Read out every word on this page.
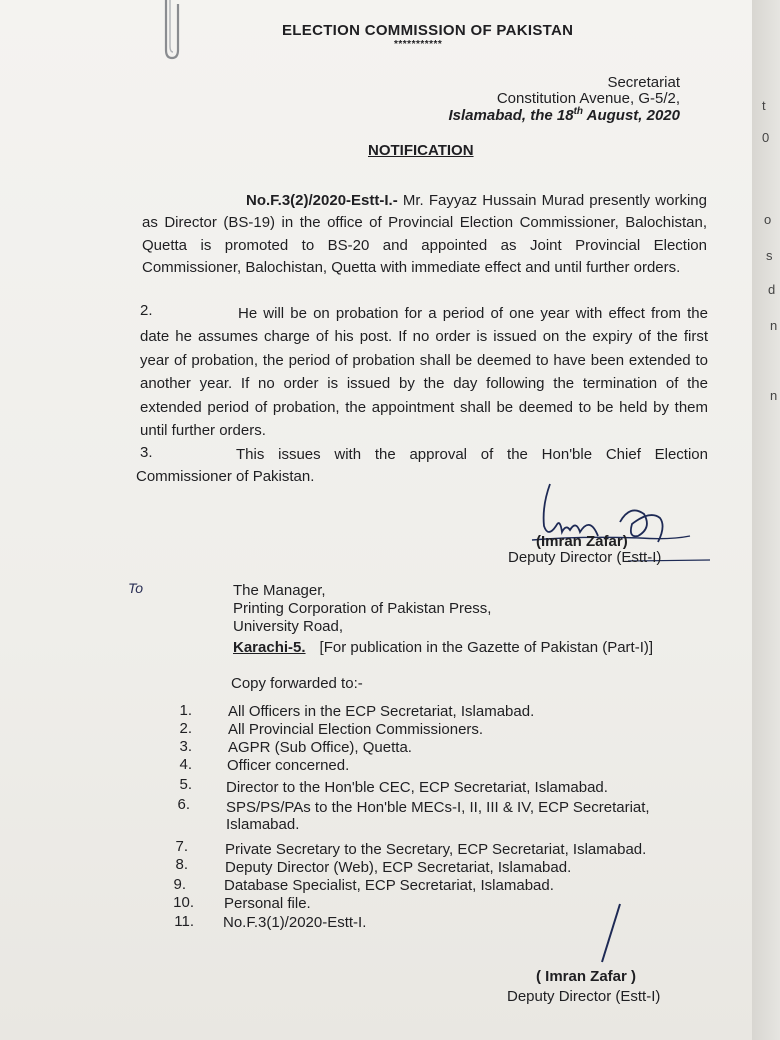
ELECTION COMMISSION OF PAKISTAN
***********
Secretariat
Constitution Avenue, G-5/2,
Islamabad, the 18th August, 2020
NOTIFICATION
No.F.3(2)/2020-Estt-I.- Mr. Fayyaz Hussain Murad presently working as Director (BS-19) in the office of Provincial Election Commissioner, Balochistan, Quetta is promoted to BS-20 and appointed as Joint Provincial Election Commissioner, Balochistan, Quetta with immediate effect and until further orders.
2.	He will be on probation for a period of one year with effect from the date he assumes charge of his post. If no order is issued on the expiry of the first year of probation, the period of probation shall be deemed to have been extended to another year. If no order is issued by the day following the termination of the extended period of probation, the appointment shall be deemed to be held by them until further orders.
3.	This issues with the approval of the Hon'ble Chief Election Commissioner of Pakistan.
(Imran Zafar)
Deputy Director (Estt-I)
To	The Manager,
Printing Corporation of Pakistan Press,
University Road,
Karachi-5. [For publication in the Gazette of Pakistan (Part-I)]
Copy forwarded to:-
1. All Officers in the ECP Secretariat, Islamabad.
2. All Provincial Election Commissioners.
3. AGPR (Sub Office), Quetta.
4. Officer concerned.
5. Director to the Hon'ble CEC, ECP Secretariat, Islamabad.
6. SPS/PS/PAs to the Hon'ble MECs-I, II, III & IV, ECP Secretariat,
Islamabad.
7. Private Secretary to the Secretary, ECP Secretariat, Islamabad.
8. Deputy Director (Web), ECP Secretariat, Islamabad.
9.	Database Specialist, ECP Secretariat, Islamabad.
10. Personal file.
11. No.F.3(1)/2020-Estt-I.
( Imran Zafar )
Deputy Director (Estt-I)
t
0
o
s
d
n
n
